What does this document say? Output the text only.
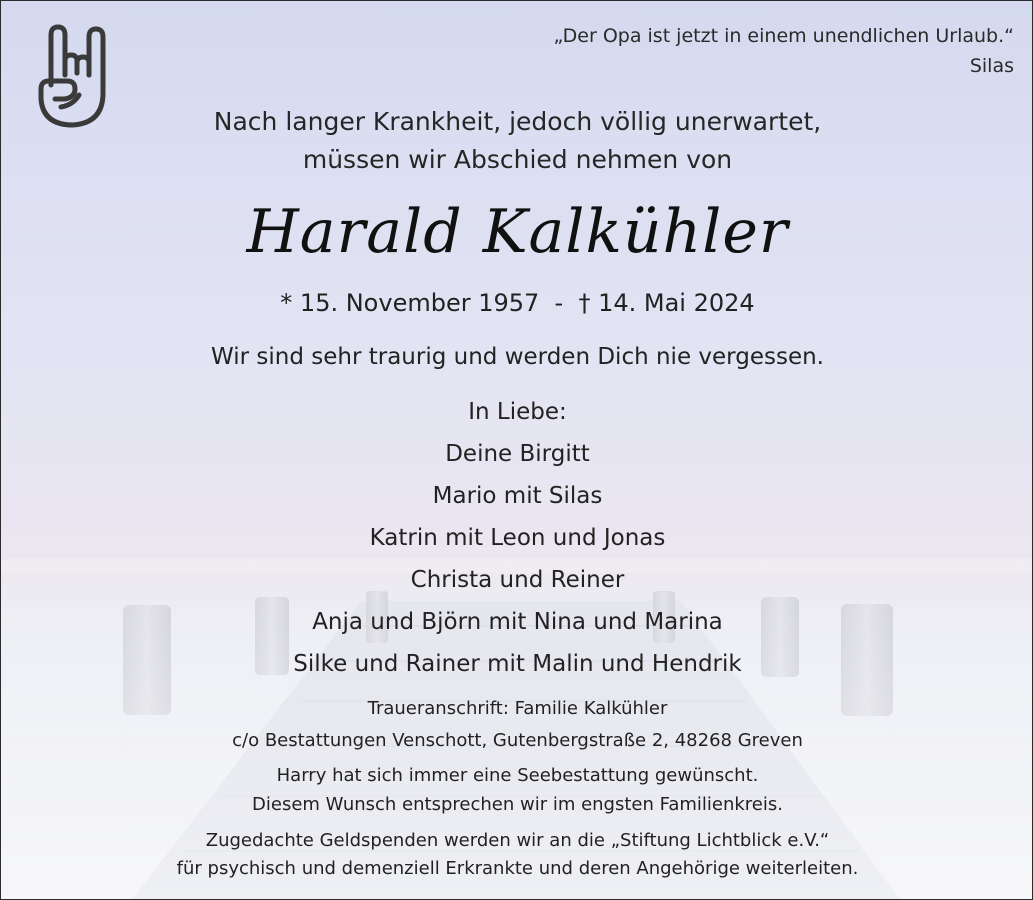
„Der Opa ist jetzt in einem unendlichen Urlaub.“
Silas
Nach langer Krankheit, jedoch völlig unerwartet,
müssen wir Abschied nehmen von
Harald Kalkühler
* 15. November 1957  -  † 14. Mai 2024
Wir sind sehr traurig und werden Dich nie vergessen.
In Liebe:
Deine Birgitt
Mario mit Silas
Katrin mit Leon und Jonas
Christa und Reiner
Anja und Björn mit Nina und Marina
Silke und Rainer mit Malin und Hendrik
Traueranschrift: Familie Kalkühler
c/o Bestattungen Venschott, Gutenbergstraße 2, 48268 Greven
Harry hat sich immer eine Seebestattung gewünscht.
Diesem Wunsch entsprechen wir im engsten Familienkreis.
Zugedachte Geldspenden werden wir an die „Stiftung Lichtblick e.V.“
für psychisch und demenziell Erkrankte und deren Angehörige weiterleiten.
